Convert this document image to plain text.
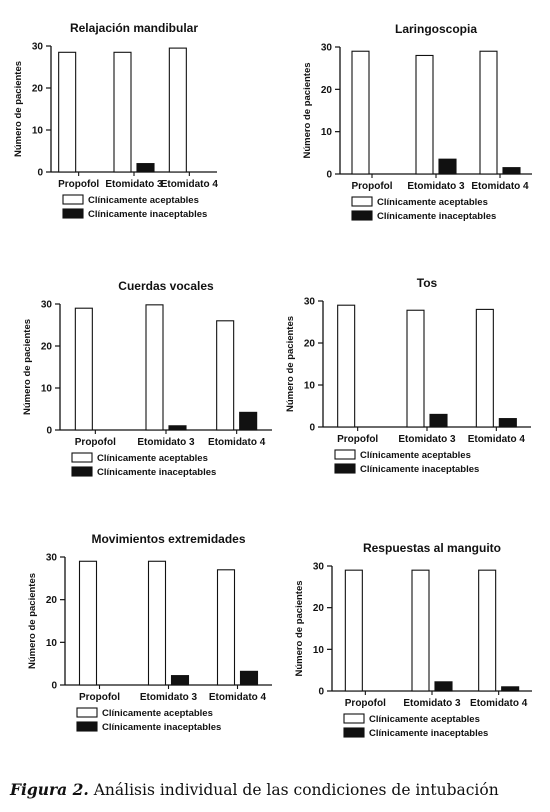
Relajación mandibular
Número de pacientes
0
10
20
30
Propofol Etomidato 3
Etomidato 4
Clínicamente aceptables
Clínicamente inaceptables
Laringoscopia
Número de pacientes
0
10
20
30
Propofol Etomidato 3 Etomidato 4
Clínicamente aceptables
Clínicamente inaceptables
Cuerdas vocales
Número de pacientes
0
10
20
30
Propofol Etomidato 3 Etomidato 4
Clínicamente aceptables
Clínicamente inaceptables
Tos
Número de pacientes
0
10
20
30
Propofol Etomidato 3 Etomidato 4
Clínicamente aceptables
Clínicamente inaceptables
Movimientos extremidades
Número de pacientes
0
10
20
30
Propofol Etomidato 3 Etomidato 4
Clínicamente aceptables
Clínicamente inaceptables
Respuestas al manguito
Número de pacientes
0
10
20
30
Propofol Etomidato 3 Etomidato 4
Clínicamente aceptables
Clínicamente inaceptables
Figura 2. Análisis individual de las condiciones de intubación
